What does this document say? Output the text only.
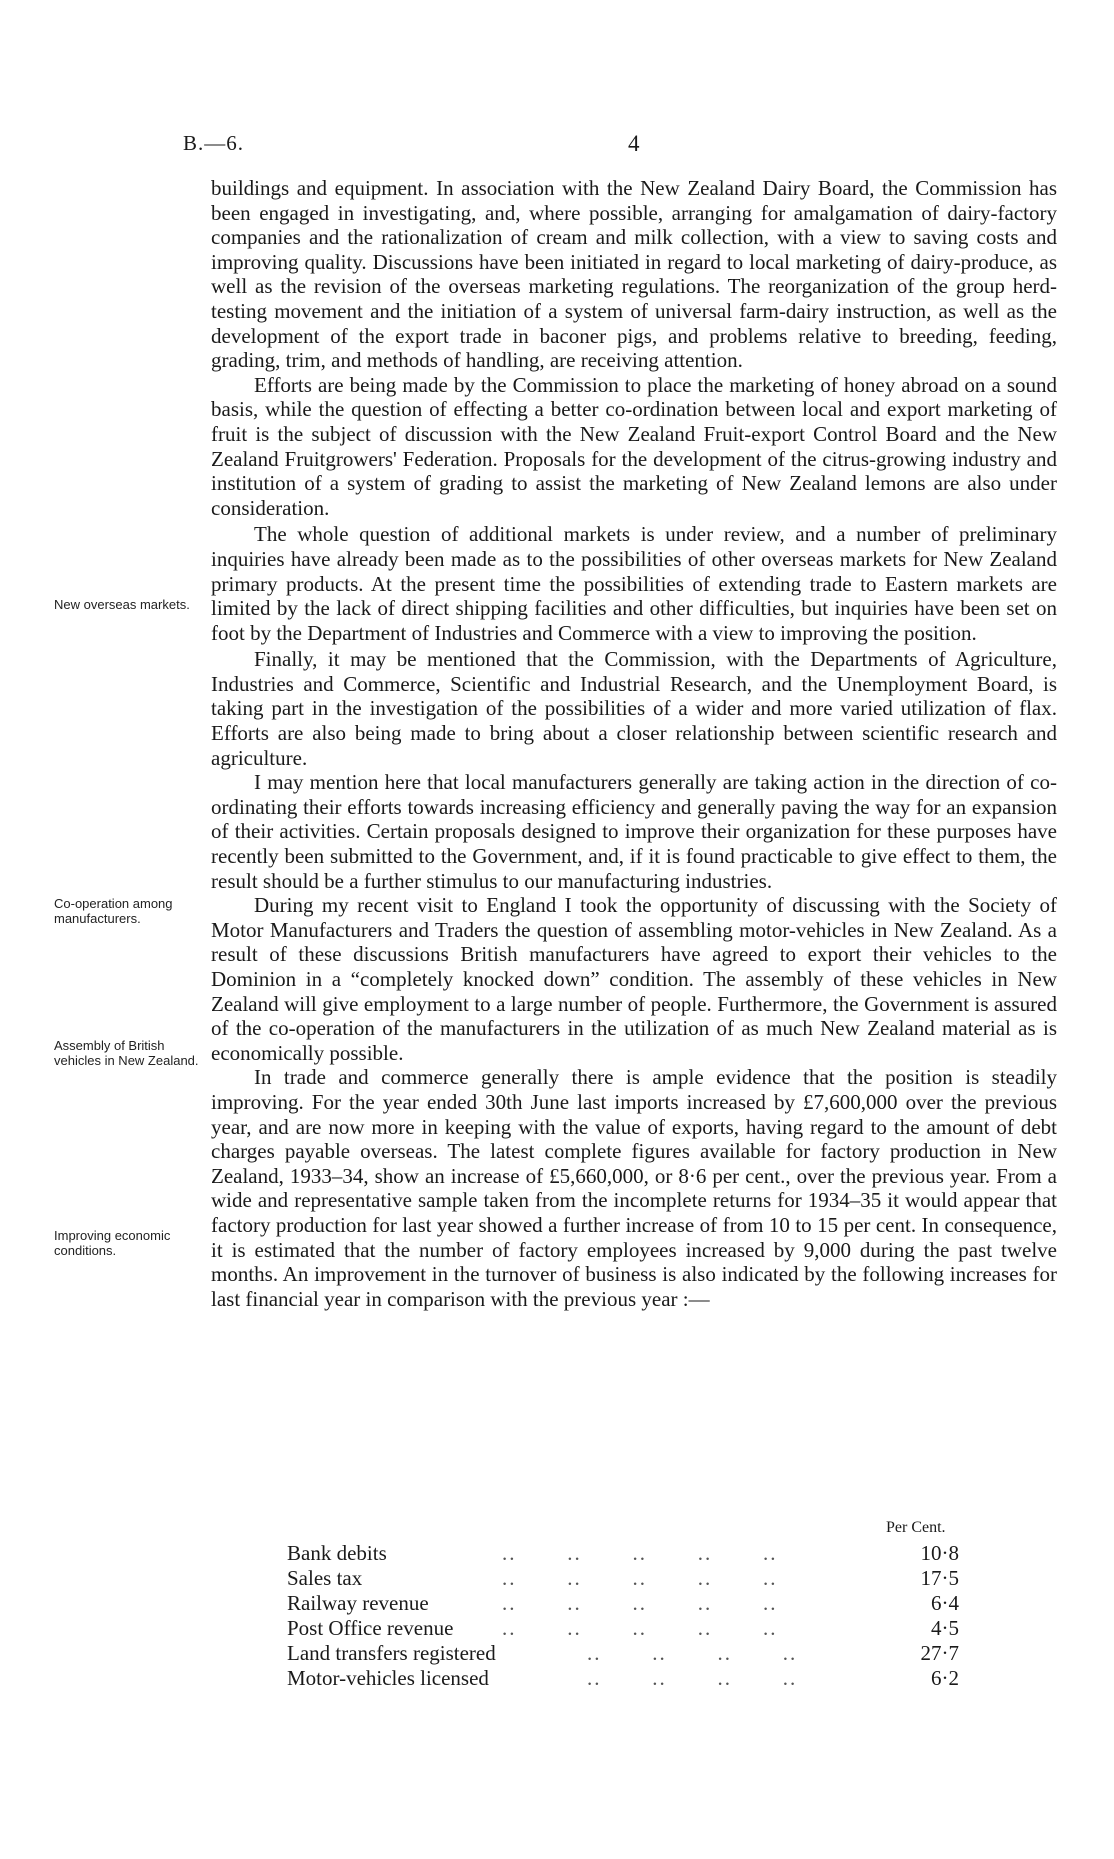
B.—6.	4
New overseas markets.
Co-operation among manufacturers.
Assembly of British vehicles in New Zealand.
Improving economic conditions.

buildings and equipment. In association with the New Zealand Dairy Board, the Commission has been engaged in investigating, and, where possible, arranging for amalgamation of dairy-factory companies and the rationalization of cream and milk collection, with a view to saving costs and improving quality. Discussions have been initiated in regard to local marketing of dairy-produce, as well as the revision of the overseas marketing regulations. The reorganization of the group herd-testing movement and the initiation of a system of universal farm-dairy instruction, as well as the development of the export trade in baconer pigs, and problems relative to breeding, feeding, grading, trim, and methods of handling, are receiving attention.

Efforts are being made by the Commission to place the marketing of honey abroad on a sound basis, while the question of effecting a better co-ordination between local and export marketing of fruit is the subject of discussion with the New Zealand Fruit-export Control Board and the New Zealand Fruitgrowers' Federation. Proposals for the development of the citrus-growing industry and institution of a system of grading to assist the marketing of New Zealand lemons are also under consideration.

The whole question of additional markets is under review, and a number of preliminary inquiries have already been made as to the possibilities of other overseas markets for New Zealand primary products. At the present time the possibilities of extending trade to Eastern markets are limited by the lack of direct shipping facilities and other difficulties, but inquiries have been set on foot by the Department of Industries and Commerce with a view to improving the position.

Finally, it may be mentioned that the Commission, with the Departments of Agriculture, Industries and Commerce, Scientific and Industrial Research, and the Unemployment Board, is taking part in the investigation of the possibilities of a wider and more varied utilization of flax. Efforts are also being made to bring about a closer relationship between scientific research and agriculture.

I may mention here that local manufacturers generally are taking action in the direction of co-ordinating their efforts towards increasing efficiency and generally paving the way for an expansion of their activities. Certain proposals designed to improve their organization for these purposes have recently been submitted to the Government, and, if it is found practicable to give effect to them, the result should be a further stimulus to our manufacturing industries.

During my recent visit to England I took the opportunity of discussing with the Society of Motor Manufacturers and Traders the question of assembling motor-vehicles in New Zealand. As a result of these discussions British manufacturers have agreed to export their vehicles to the Dominion in a “completely knocked down” condition. The assembly of these vehicles in New Zealand will give employment to a large number of people. Furthermore, the Government is assured of the co-operation of the manufacturers in the utilization of as much New Zealand material as is economically possible.

In trade and commerce generally there is ample evidence that the position is steadily improving. For the year ended 30th June last imports increased by £7,600,000 over the previous year, and are now more in keeping with the value of exports, having regard to the amount of debt charges payable overseas. The latest complete figures available for factory production in New Zealand, 1933–34, show an increase of £5,660,000, or 8·6 per cent., over the previous year. From a wide and representative sample taken from the incomplete returns for 1934–35 it would appear that factory production for last year showed a further increase of from 10 to 15 per cent. In consequence, it is estimated that the number of factory employees increased by 9,000 during the past twelve months. An improvement in the turnover of business is also indicated by the following increases for last financial year in comparison with the previous year :—

Per Cent.
Bank debits	..       ..       ..       ..       ..	10·8
Sales tax	..       ..       ..       ..       ..	17·5
Railway revenue	..       ..       ..       ..       ..	6·4
Post Office revenue ..       ..       ..       ..       ..	4·5
Land transfers registered	..       ..       ..       ..	27·7
Motor-vehicles licensed	..       ..       ..       ..	6·2
